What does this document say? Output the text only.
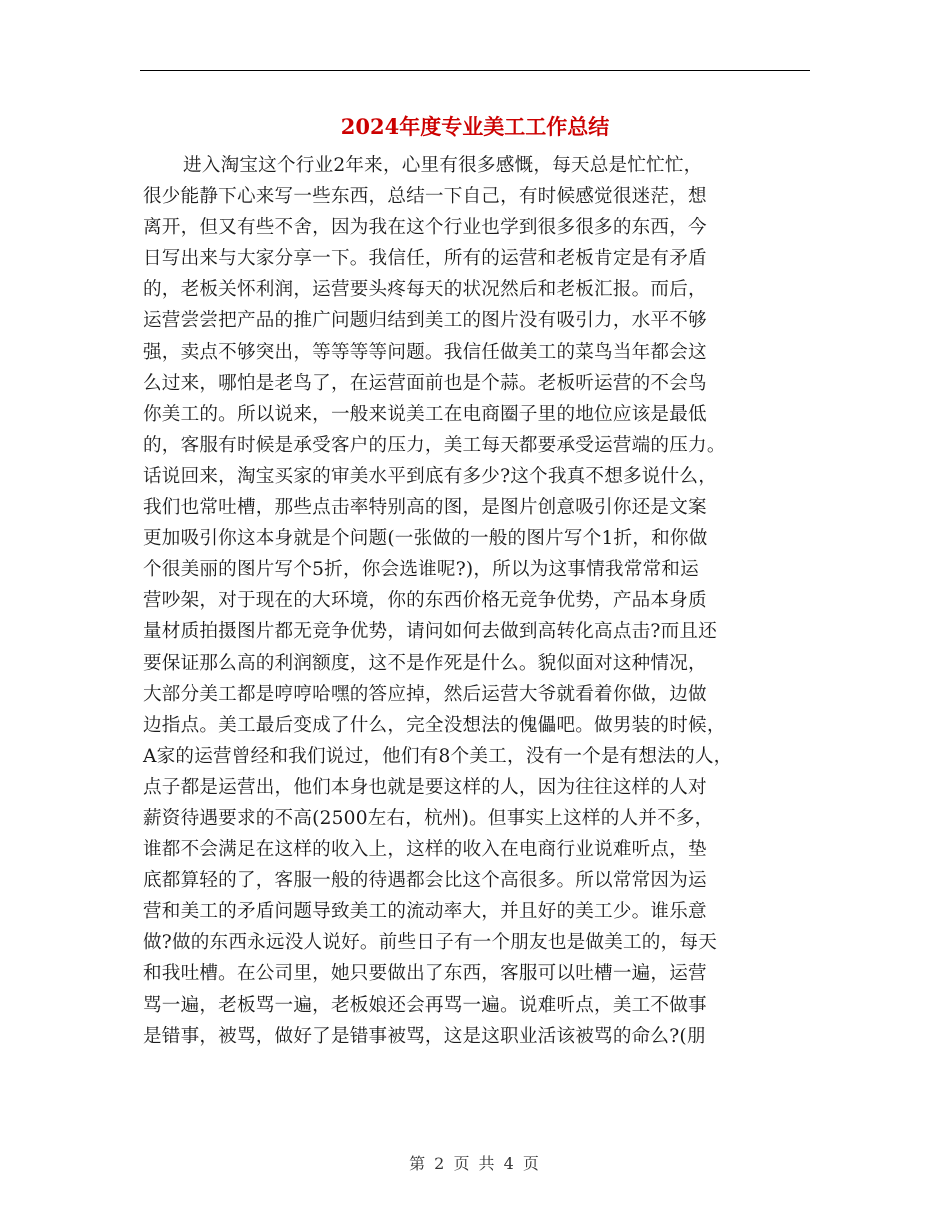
2024年度专业美工工作总结
进入淘宝这个行业2年来，心里有很多感慨，每天总是忙忙忙，
很少能静下心来写一些东西，总结一下自己，有时候感觉很迷茫，想
离开，但又有些不舍，因为我在这个行业也学到很多很多的东西，今
日写出来与大家分享一下。我信任，所有的运营和老板肯定是有矛盾
的，老板关怀利润，运营要头疼每天的状况然后和老板汇报。而后，
运营尝尝把产品的推广问题归结到美工的图片没有吸引力，水平不够
强，卖点不够突出，等等等等问题。我信任做美工的菜鸟当年都会这
么过来，哪怕是老鸟了，在运营面前也是个蒜。老板听运营的不会鸟
你美工的。所以说来，一般来说美工在电商圈子里的地位应该是最低
的，客服有时候是承受客户的压力，美工每天都要承受运营端的压力。
话说回来，淘宝买家的审美水平到底有多少?这个我真不想多说什么，
我们也常吐槽，那些点击率特别高的图，是图片创意吸引你还是文案
更加吸引你这本身就是个问题(一张做的一般的图片写个1折，和你做
个很美丽的图片写个5折，你会选谁呢?)，所以为这事情我常常和运
营吵架，对于现在的大环境，你的东西价格无竞争优势，产品本身质
量材质拍摄图片都无竞争优势，请问如何去做到高转化高点击?而且还
要保证那么高的利润额度，这不是作死是什么。貌似面对这种情况，
大部分美工都是哼哼哈嘿的答应掉，然后运营大爷就看着你做，边做
边指点。美工最后变成了什么，完全没想法的傀儡吧。做男装的时候，
A家的运营曾经和我们说过，他们有8个美工，没有一个是有想法的人，
点子都是运营出，他们本身也就是要这样的人，因为往往这样的人对
薪资待遇要求的不高(2500左右，杭州)。但事实上这样的人并不多，
谁都不会满足在这样的收入上，这样的收入在电商行业说难听点，垫
底都算轻的了，客服一般的待遇都会比这个高很多。所以常常因为运
营和美工的矛盾问题导致美工的流动率大，并且好的美工少。谁乐意
做?做的东西永远没人说好。前些日子有一个朋友也是做美工的，每天
和我吐槽。在公司里，她只要做出了东西，客服可以吐槽一遍，运营
骂一遍，老板骂一遍，老板娘还会再骂一遍。说难听点，美工不做事
是错事，被骂，做好了是错事被骂，这是这职业活该被骂的命么?(朋
第 2 页 共 4 页
